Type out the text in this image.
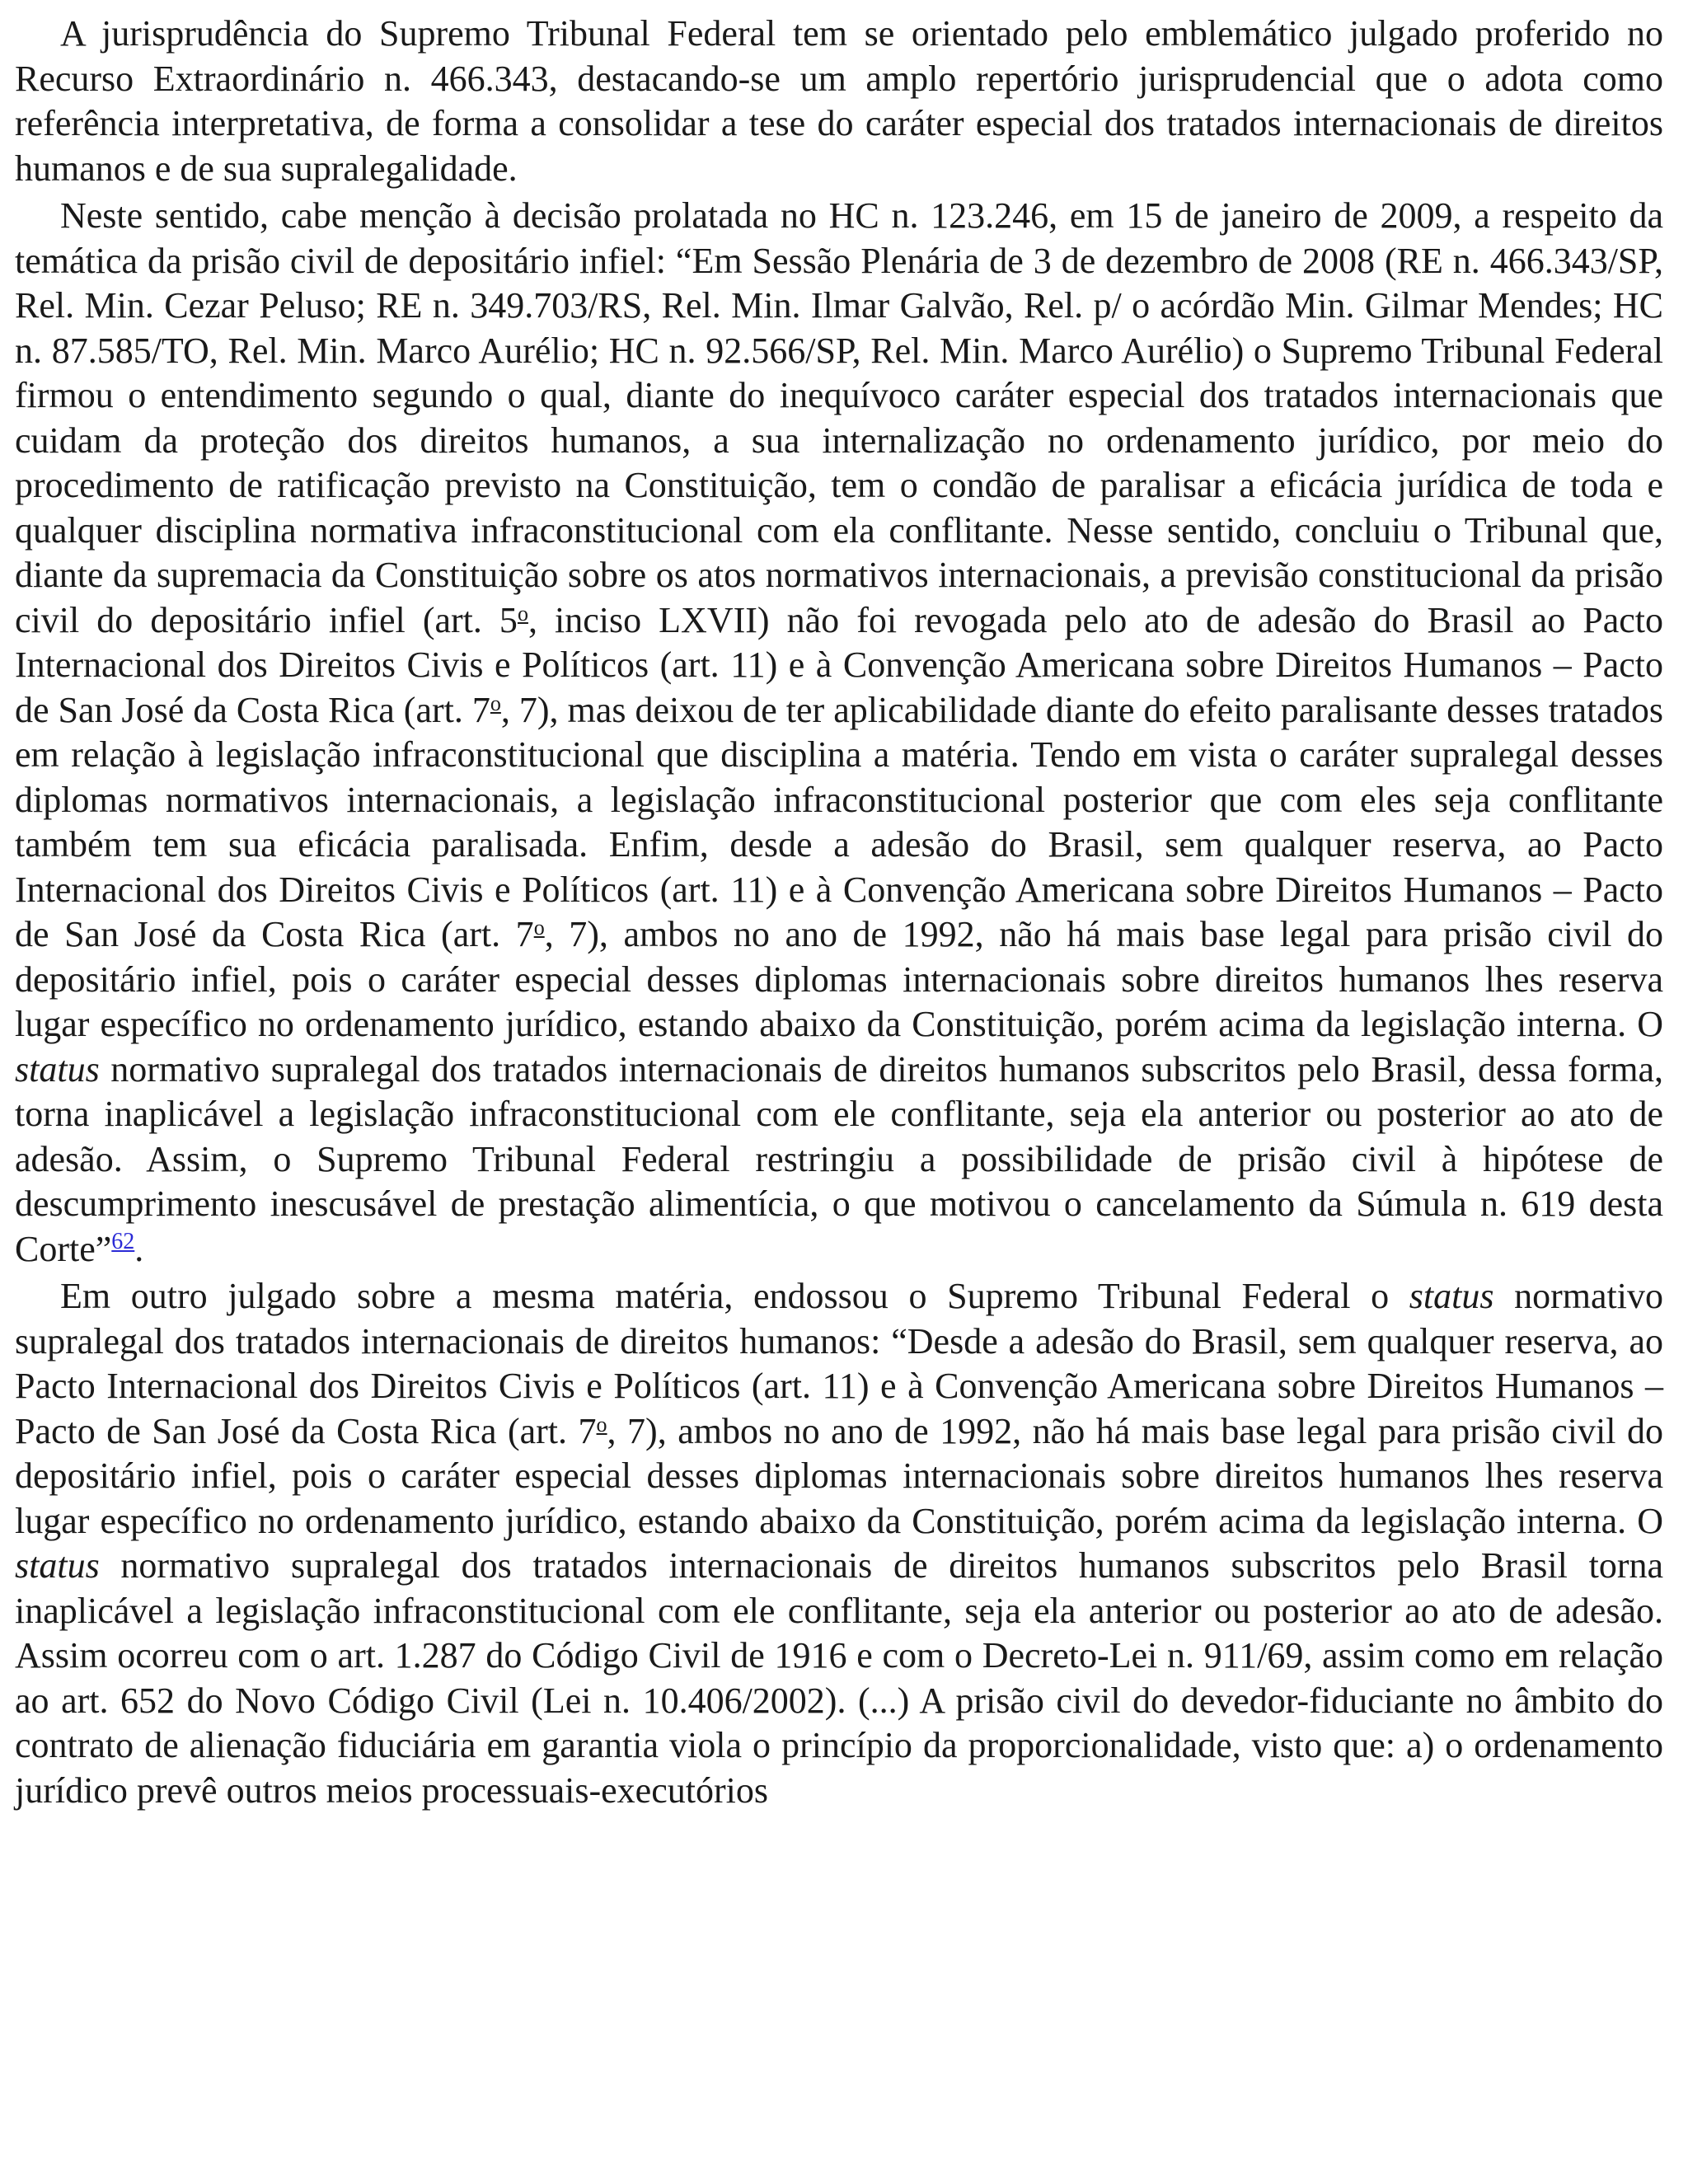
A jurisprudência do Supremo Tribunal Federal tem se orientado pelo emblemático julgado proferido no Recurso Extraordinário n. 466.343, destacando-se um amplo repertório jurisprudencial que o adota como referência interpretativa, de forma a consolidar a tese do caráter especial dos tratados internacionais de direitos humanos e de sua supralegalidade.

Neste sentido, cabe menção à decisão prolatada no HC n. 123.246, em 15 de janeiro de 2009, a respeito da temática da prisão civil de depositário infiel: “Em Sessão Plenária de 3 de dezembro de 2008 (RE n. 466.343/SP, Rel. Min. Cezar Peluso; RE n. 349.703/RS, Rel. Min. Ilmar Galvão, Rel. p/ o acórdão Min. Gilmar Mendes; HC n. 87.585/TO, Rel. Min. Marco Aurélio; HC n. 92.566/SP, Rel. Min. Marco Aurélio) o Supremo Tribunal Federal firmou o entendimento segundo o qual, diante do inequívoco caráter especial dos tratados internacionais que cuidam da proteção dos direitos humanos, a sua internalização no ordenamento jurídico, por meio do procedimento de ratificação previsto na Constituição, tem o condão de paralisar a eficácia jurídica de toda e qualquer disciplina normativa infraconstitucional com ela conflitante. Nesse sentido, concluiu o Tribunal que, diante da supremacia da Constituição sobre os atos normativos internacionais, a previsão constitucional da prisão civil do depositário infiel (art. 5$^o$, inciso LXVII) não foi revogada pelo ato de adesão do Brasil ao Pacto Internacional dos Direitos Civis e Políticos (art. 11) e à Convenção Americana sobre Direitos Humanos – Pacto de San José da Costa Rica (art. 7$^o$, 7), mas deixou de ter aplicabilidade diante do efeito paralisante desses tratados em relação à legislação infraconstitucional que disciplina a matéria. Tendo em vista o caráter supralegal desses diplomas normativos internacionais, a legislação infraconstitucional posterior que com eles seja conflitante também tem sua eficácia paralisada. Enfim, desde a adesão do Brasil, sem qualquer reserva, ao Pacto Internacional dos Direitos Civis e Políticos (art. 11) e à Convenção Americana sobre Direitos Humanos – Pacto de San José da Costa Rica (art. 7$^o$, 7), ambos no ano de 1992, não há mais base legal para prisão civil do depositário infiel, pois o caráter especial desses diplomas internacionais sobre direitos humanos lhes reserva lugar específico no ordenamento jurídico, estando abaixo da Constituição, porém acima da legislação interna. O status normativo supralegal dos tratados internacionais de direitos humanos subscritos pelo Brasil, dessa forma, torna inaplicável a legislação infraconstitucional com ele conflitante, seja ela anterior ou posterior ao ato de adesão. Assim, o Supremo Tribunal Federal restringiu a possibilidade de prisão civil à hipótese de descumprimento inescusável de prestação alimentícia, o que motivou o cancelamento da Súmula n. 619 desta Corte”$^{62}$.

Em outro julgado sobre a mesma matéria, endossou o Supremo Tribunal Federal o status normativo supralegal dos tratados internacionais de direitos humanos: “Desde a adesão do Brasil, sem qualquer reserva, ao Pacto Internacional dos Direitos Civis e Políticos (art. 11) e à Convenção Americana sobre Direitos Humanos – Pacto de San José da Costa Rica (art. 7$^o$, 7), ambos no ano de 1992, não há mais base legal para prisão civil do depositário infiel, pois o caráter especial desses diplomas internacionais sobre direitos humanos lhes reserva lugar específico no ordenamento jurídico, estando abaixo da Constituição, porém acima da legislação interna. O status normativo supralegal dos tratados internacionais de direitos humanos subscritos pelo Brasil torna inaplicável a legislação infraconstitucional com ele conflitante, seja ela anterior ou posterior ao ato de adesão. Assim ocorreu com o art. 1.287 do Código Civil de 1916 e com o Decreto-Lei n. 911/69, assim como em relação ao art. 652 do Novo Código Civil (Lei n. 10.406/2002). (...) A prisão civil do devedor-fiduciante no âmbito do contrato de alienação fiduciária em garantia viola o princípio da proporcionalidade, visto que: a) o ordenamento jurídico prevê outros meios processuais-executórios
